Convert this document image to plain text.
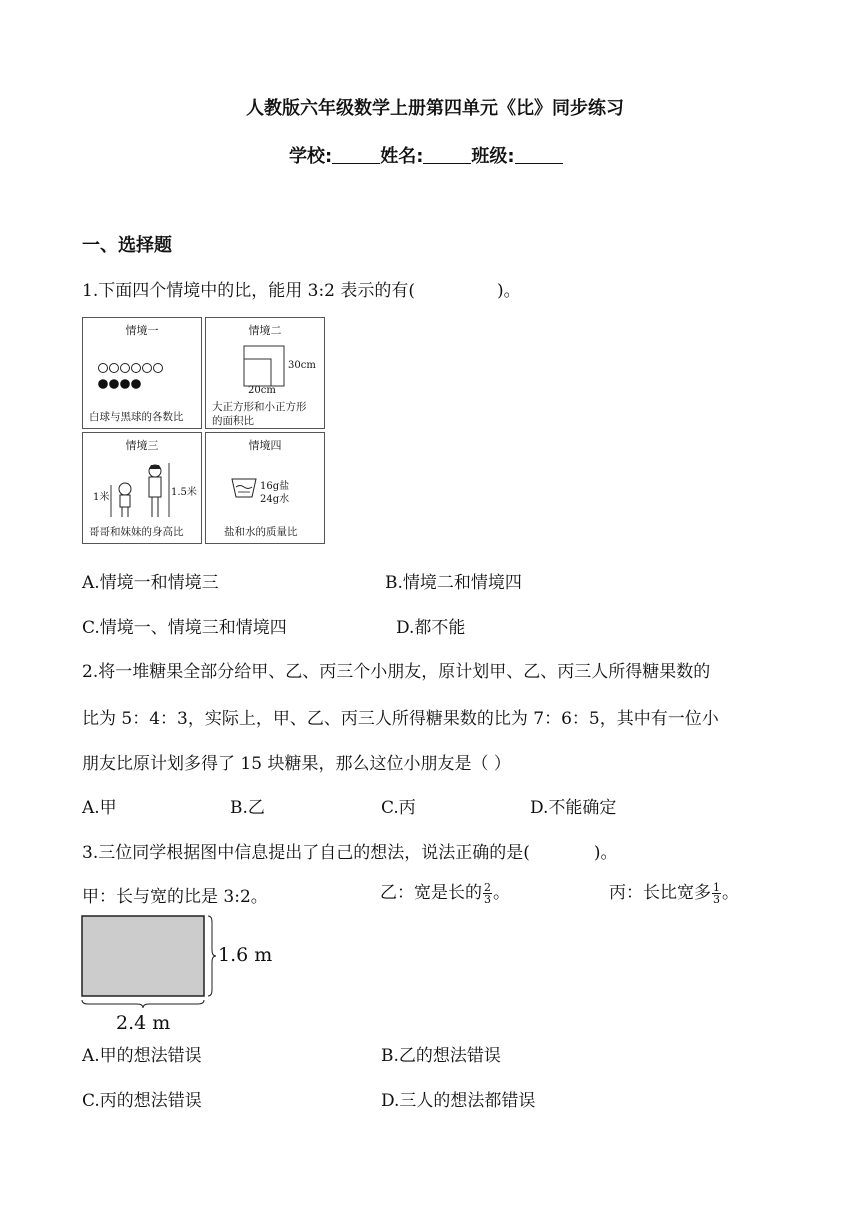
人教版六年级数学上册第四单元《比》同步练习
学校:	姓名:	班级:
一、选择题
1.下面四个情境中的比，能用 3:2 表示的有(	)。
情境一
白球与黑球的各数比
情境二
30cm
20cm
大正方形和小正方形的面积比
情境三
1米	1.5米
哥哥和妹妹的身高比
情境四
16g盐
24g水
盐和水的质量比
A.情境一和情境三	B.情境二和情境四
C.情境一、情境三和情境四	D.都不能
2.将一堆糖果全部分给甲、乙、丙三个小朋友，原计划甲、乙、丙三人所得糖果数的
比为 5：4：3，实际上，甲、乙、丙三人所得糖果数的比为 7：6：5，其中有一位小
朋友比原计划多得了 15 块糖果，那么这位小朋友是（ ）
A.甲	B.乙	C.丙	D.不能确定
3.三位同学根据图中信息提出了自己的想法，说法正确的是(	)。
甲：长与宽的比是 3:2。	乙：宽是长的 $\frac{2}{3}$ 。	丙：长比宽多 $\frac{1}{3}$ 。
1.6 m
2.4 m
A.甲的想法错误	B.乙的想法错误
C.丙的想法错误	D.三人的想法都错误
